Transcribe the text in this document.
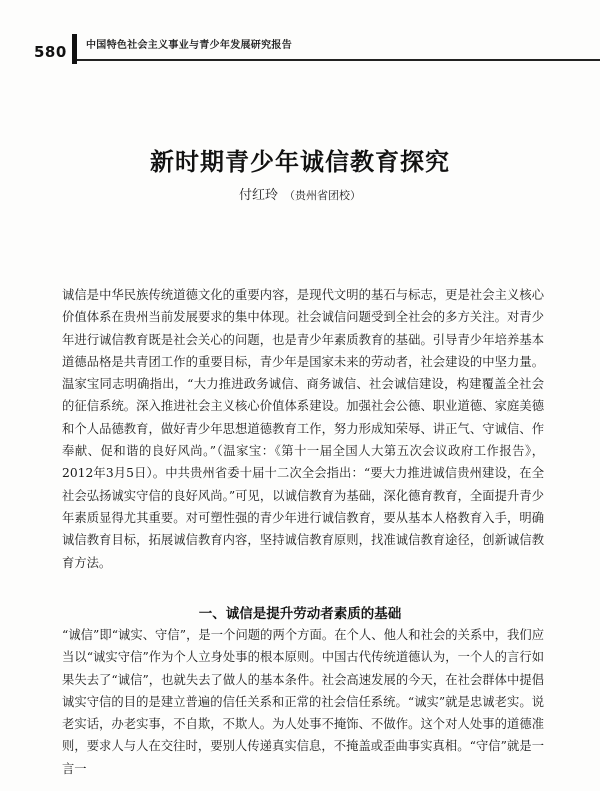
580 中国特色社会主义事业与青少年发展研究报告
新时期青少年诚信教育探究
付红玲 （贵州省团校）

诚信是中华民族传统道德文化的重要内容，是现代文明的基石与标志，更是社会主义核心价值体系在贵州当前发展要求的集中体现。社会诚信问题受到全社会的多方关注。对青少年进行诚信教育既是社会关心的问题，也是青少年素质教育的基础。引导青少年培养基本道德品格是共青团工作的重要目标，青少年是国家未来的劳动者，社会建设的中坚力量。温家宝同志明确指出，“大力推进政务诚信、商务诚信、社会诚信建设，构建覆盖全社会的征信系统。深入推进社会主义核心价值体系建设。加强社会公德、职业道德、家庭美德和个人品德教育，做好青少年思想道德教育工作，努力形成知荣辱、讲正气、守诚信、作奉献、促和谐的良好风尚。”（温家宝：《第十一届全国人大第五次会议政府工作报告》，2012年3月5日）。中共贵州省委十届十二次全会指出：“要大力推进诚信贵州建设，在全社会弘扬诚实守信的良好风尚。”可见，以诚信教育为基础，深化德育教育，全面提升青少年素质显得尤其重要。对可塑性强的青少年进行诚信教育，要从基本人格教育入手，明确诚信教育目标，拓展诚信教育内容，坚持诚信教育原则，找准诚信教育途径，创新诚信教育方法。

一、诚信是提升劳动者素质的基础

“诚信”即“诚实、守信”，是一个问题的两个方面。在个人、他人和社会的关系中，我们应当以“诚实守信”作为个人立身处事的根本原则。中国古代传统道德认为，一个人的言行如果失去了“诚信”，也就失去了做人的基本条件。社会高速发展的今天，在社会群体中提倡诚实守信的目的是建立普遍的信任关系和正常的社会信任系统。“诚实”就是忠诚老实。说老实话，办老实事，不自欺，不欺人。为人处事不掩饰、不做作。这个对人处事的道德准则，要求人与人在交往时，要别人传递真实信息，不掩盖或歪曲事实真相。“守信”就是一言一
